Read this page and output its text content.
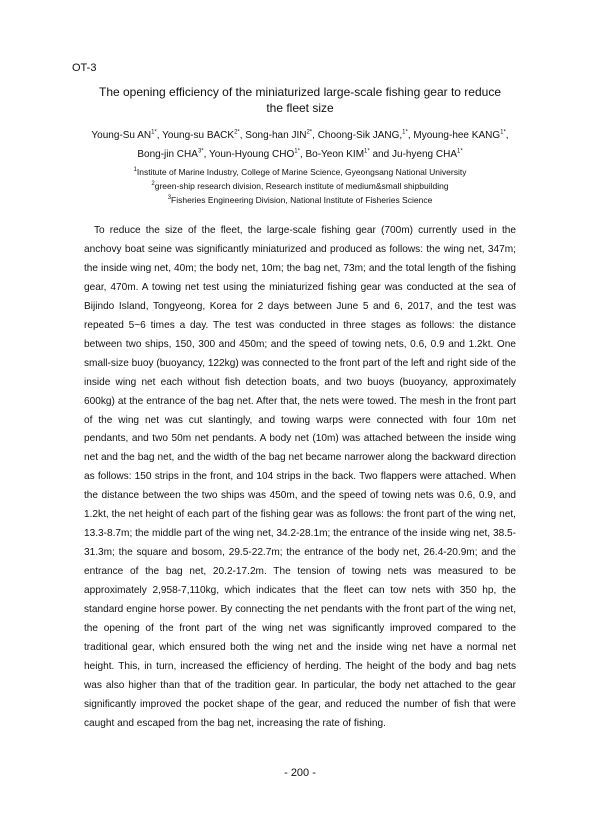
OT-3
The opening efficiency of the miniaturized large-scale fishing gear to reduce
the fleet size
Young-Su $AN^{1*}$, Young-su $BACK^{2*}$, Song-han $JIN^{2*}$, Choong-Sik JANG,$^{1*}$, Myoung-hee $KANG^{1*}$,
Bong-jin $CHA^{3*}$, Youn-Hyoung $CHO^{1*}$, Bo-Yeon $KIM^{1*}$ and Ju-hyeng $CHA^{1*}$
$^1$Institute of Marine Industry, College of Marine Science, Gyeongsang National University
$^2$green-ship research division, Research institute of medium&small shipbuilding
$^3$Fisheries Engineering Division, National Institute of Fisheries Science

To reduce the size of the fleet, the large-scale fishing gear (700m) currently used in the anchovy boat seine was significantly miniaturized and produced as follows: the wing net, 347m; the inside wing net, 40m; the body net, 10m; the bag net, 73m; and the total length of the fishing gear, 470m. A towing net test using the miniaturized fishing gear was conducted at the sea of Bijindo Island, Tongyeong, Korea for 2 days between June 5 and 6, 2017, and the test was repeated 5~6 times a day. The test was conducted in three stages as follows: the distance between two ships, 150, 300 and 450m; and the speed of towing nets, 0.6, 0.9 and 1.2kt. One small-size buoy (buoyancy, 122kg) was connected to the front part of the left and right side of the inside wing net each without fish detection boats, and two buoys (buoyancy, approximately 600kg) at the entrance of the bag net. After that, the nets were towed. The mesh in the front part of the wing net was cut slantingly, and towing warps were connected with four 10m net pendants, and two 50m net pendants. A body net (10m) was attached between the inside wing net and the bag net, and the width of the bag net became narrower along the backward direction as follows: 150 strips in the front, and 104 strips in the back. Two flappers were attached. When the distance between the two ships was 450m, and the speed of towing nets was 0.6, 0.9, and 1.2kt, the net height of each part of the fishing gear was as follows: the front part of the wing net, 13.3-8.7m; the middle part of the wing net, 34.2-28.1m; the entrance of the inside wing net, 38.5-31.3m; the square and bosom, 29.5-22.7m; the entrance of the body net, 26.4-20.9m; and the entrance of the bag net, 20.2-17.2m. The tension of towing nets was measured to be approximately 2,958-7,110kg, which indicates that the fleet can tow nets with 350 hp, the standard engine horse power. By connecting the net pendants with the front part of the wing net, the opening of the front part of the wing net was significantly improved compared to the traditional gear, which ensured both the wing net and the inside wing net have a normal net height. This, in turn, increased the efficiency of herding. The height of the body and bag nets was also higher than that of the tradition gear. In particular, the body net attached to the gear significantly improved the pocket shape of the gear, and reduced the number of fish that were caught and escaped from the bag net, increasing the rate of fishing.

- 200 -
